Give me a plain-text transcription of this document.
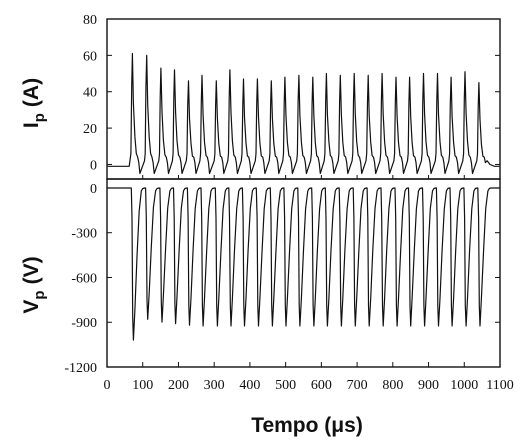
0
20
40
60
80
0
-300
-600
-900
-1200
0 100 200 300 400 500 600 700 800 900 1000 1100
$I_p(A)$
$V_p(V)$
Tempo (μs)
